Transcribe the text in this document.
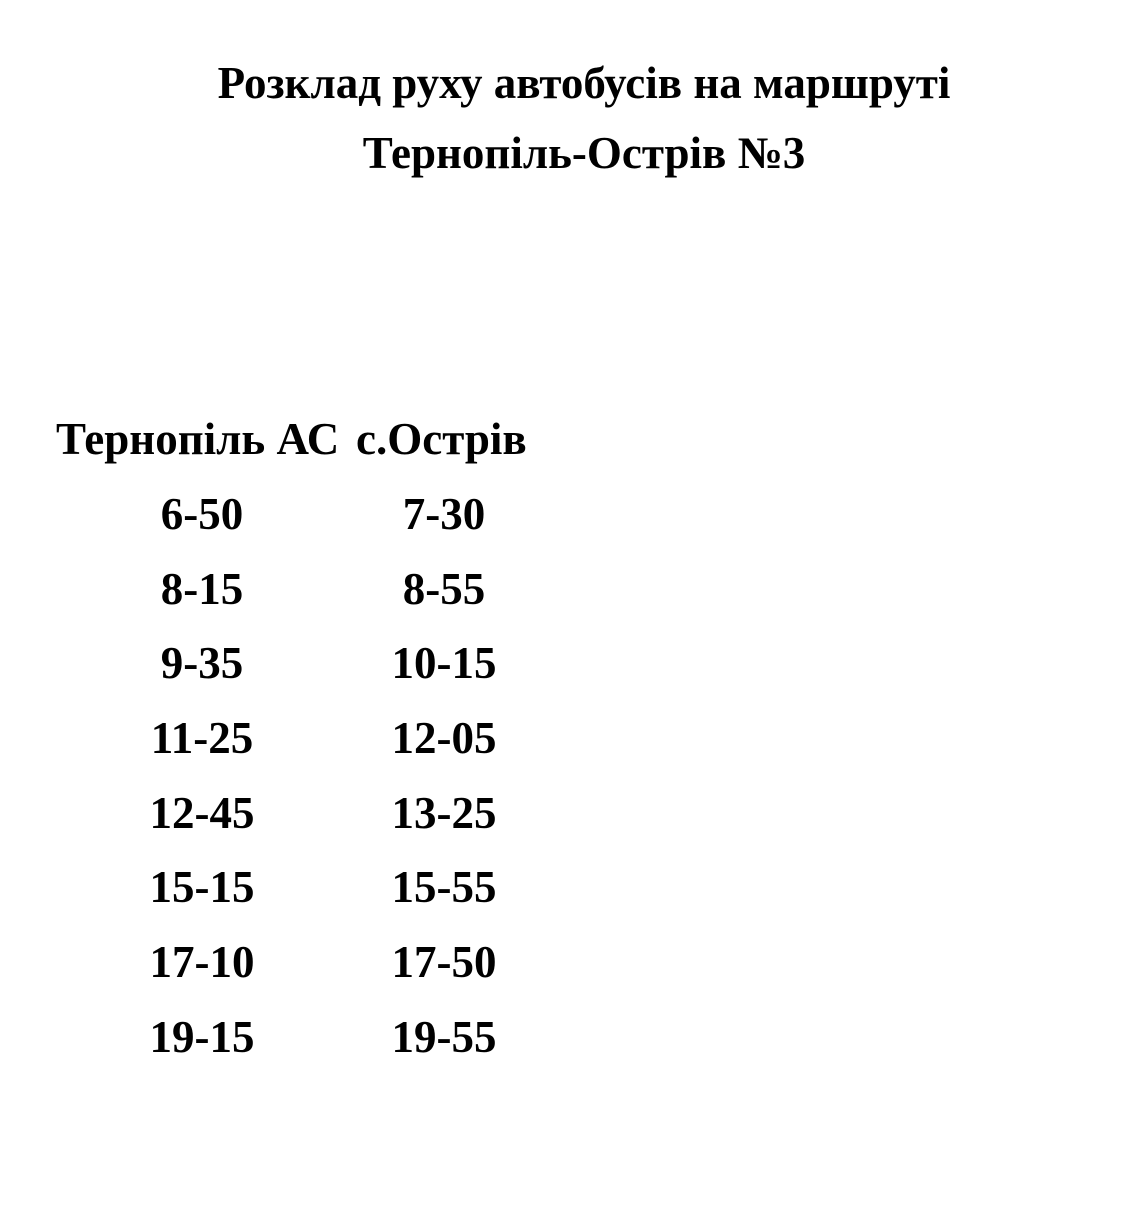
Розклад руху автобусів на маршруті
Тернопіль-Острів №3
Тернопіль АС с.Острів
6-50
8-15
9-35
11-25
12-45
15-15
17-10
19-15
7-30
8-55
10-15
12-05
13-25
15-55
17-50
19-55
